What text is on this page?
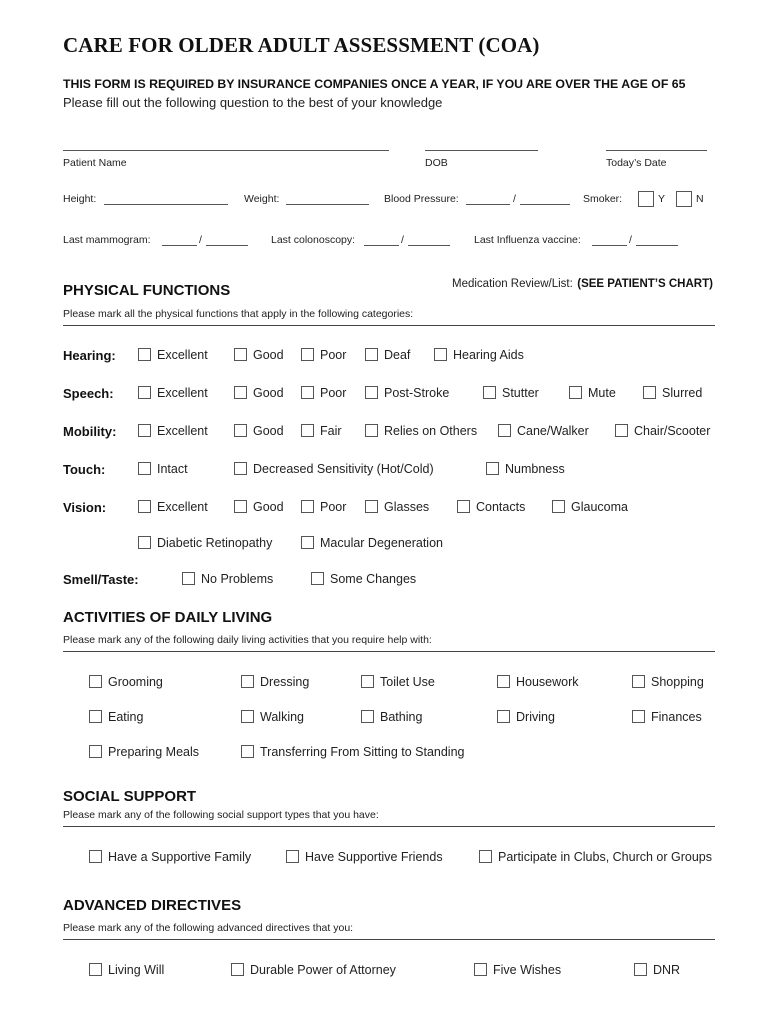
CARE FOR OLDER ADULT ASSESSMENT (COA)
THIS FORM IS REQUIRED BY INSURANCE COMPANIES ONCE A YEAR, IF YOU ARE OVER THE AGE OF 65
Please fill out the following question to the best of your knowledge
Patient Name	DOB	Today’s Date
Height:	Weight:	Blood Pressure:	/	Smoker:	Y	N
Last mammogram:	/	Last colonoscopy:	/	Last Influenza vaccine:	/
Medication Review/List: (SEE PATIENT’S CHART)
PHYSICAL FUNCTIONS
Please mark all the physical functions that apply in the following categories:
Hearing:	Excellent	Good	Poor	Deaf	Hearing Aids
Speech:	Excellent	Good	Poor	Post-Stroke	Stutter	Mute	Slurred
Mobility:	Excellent	Good	Fair	Relies on Others	Cane/Walker	Chair/Scooter
Touch:	Intact	Decreased Sensitivity (Hot/Cold)	Numbness
Vision:	Excellent	Good	Poor	Glasses	Contacts	Glaucoma
Diabetic Retinopathy	Macular Degeneration
Smell/Taste:	No Problems	Some Changes
ACTIVITIES OF DAILY LIVING
Please mark any of the following daily living activities that you require help with:
Grooming	Dressing	Toilet Use	Housework	Shopping
Eating	Walking	Bathing	Driving	Finances
Preparing Meals	Transferring From Sitting to Standing
SOCIAL SUPPORT
Please mark any of the following social support types that you have:
Have a Supportive Family	Have Supportive Friends	Participate in Clubs, Church or Groups
ADVANCED DIRECTIVES
Please mark any of the following advanced directives that you:
Living Will	Durable Power of Attorney	Five Wishes	DNR
